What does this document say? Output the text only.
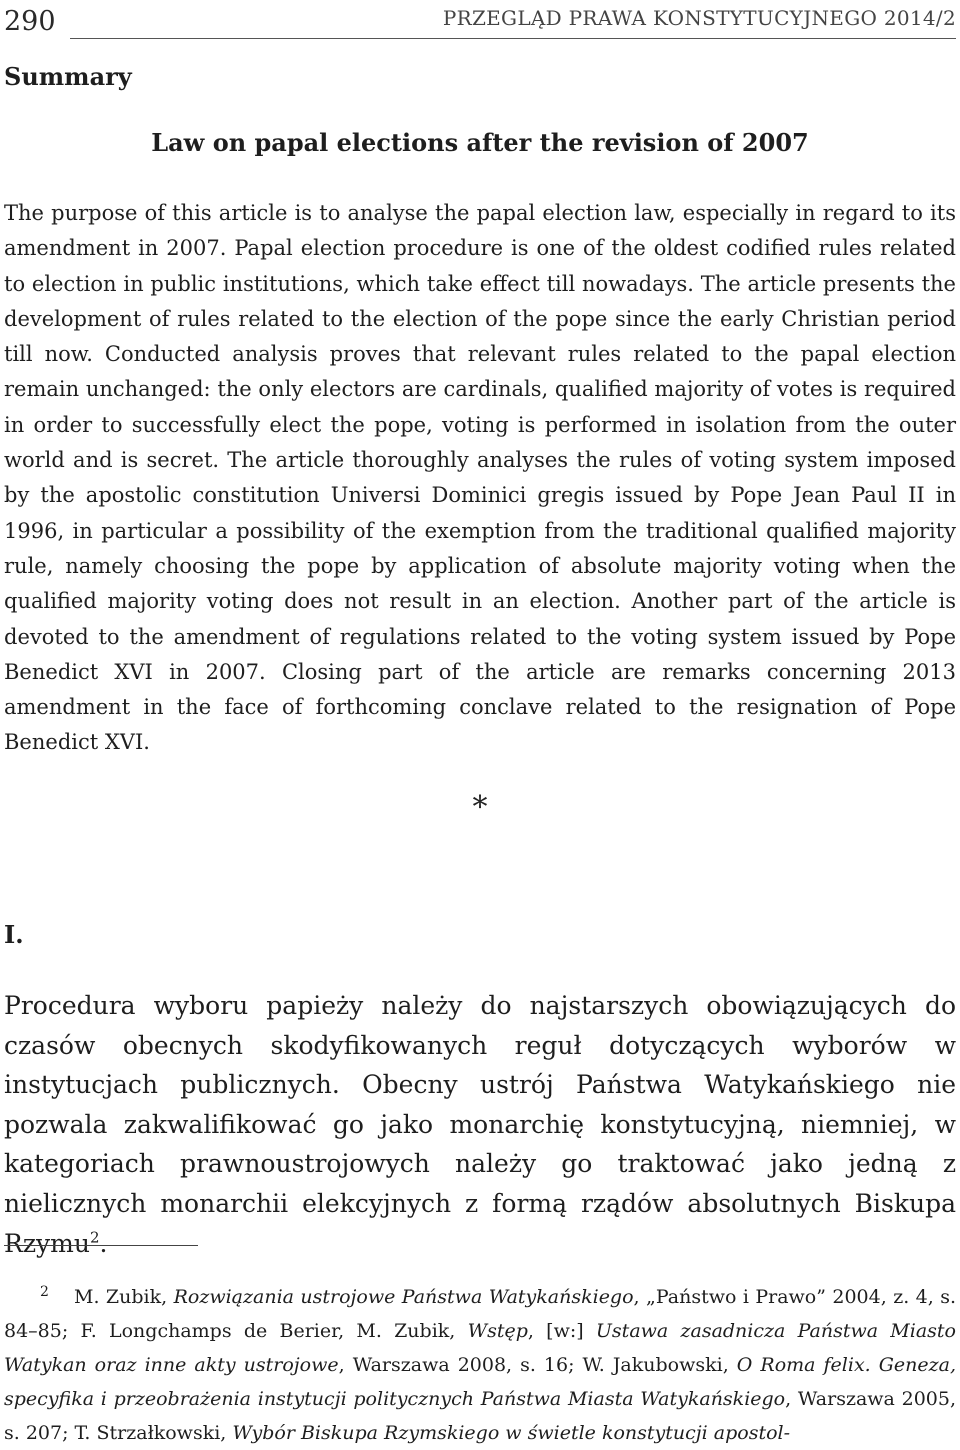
290	PRZEGLĄD PRAWA KONSTYTUCYJNEGO 2014/2
Summary
Law on papal elections after the revision of 2007
The purpose of this article is to analyse the papal election law, especially in regard to its amendment in 2007. Papal election procedure is one of the oldest codified rules related to election in public institutions, which take effect till nowadays. The article presents the development of rules related to the election of the pope since the early Christian period till now. Conducted analysis proves that relevant rules related to the papal election remain unchanged: the only electors are cardinals, qualified majority of votes is required in order to successfully elect the pope, voting is performed in isolation from the outer world and is secret. The article thoroughly analyses the rules of voting system imposed by the apostolic constitution Universi Dominici gregis issued by Pope Jean Paul II in 1996, in particular a possibility of the exemption from the traditional qualified majority rule, namely choosing the pope by application of absolute majority voting when the qualified majority voting does not result in an election. Another part of the article is devoted to the amendment of regulations related to the voting system issued by Pope Benedict XVI in 2007. Closing part of the article are remarks concerning 2013 amendment in the face of forthcoming conclave related to the resignation of Pope Benedict XVI.
*
I.
Procedura wyboru papieży należy do najstarszych obowiązujących do czasów obecnych skodyfikowanych reguł dotyczących wyborów w instytucjach publicznych. Obecny ustrój Państwa Watykańskiego nie pozwala zakwalifikować go jako monarchię konstytucyjną, niemniej, w kategoriach prawnoustrojowych należy go traktować jako jedną z nielicznych monarchii elekcyjnych z formą rządów absolutnych Biskupa Rzymu$^2$.
2 M. Zubik, Rozwiązania ustrojowe Państwa Watykańskiego, „Państwo i Prawo” 2004, z. 4, s. 84–85; F. Longchamps de Berier, M. Zubik, Wstęp, [w:] Ustawa zasadnicza Państwa Miasto Watykan oraz inne akty ustrojowe, Warszawa 2008, s. 16; W. Jakubowski, O Roma felix. Geneza, specyfika i przeobrażenia instytucji politycznych Państwa Miasta Watykańskiego, Warszawa 2005, s. 207; T. Strzałkowski, Wybór Biskupa Rzymskiego w świetle konstytucji apostol-
